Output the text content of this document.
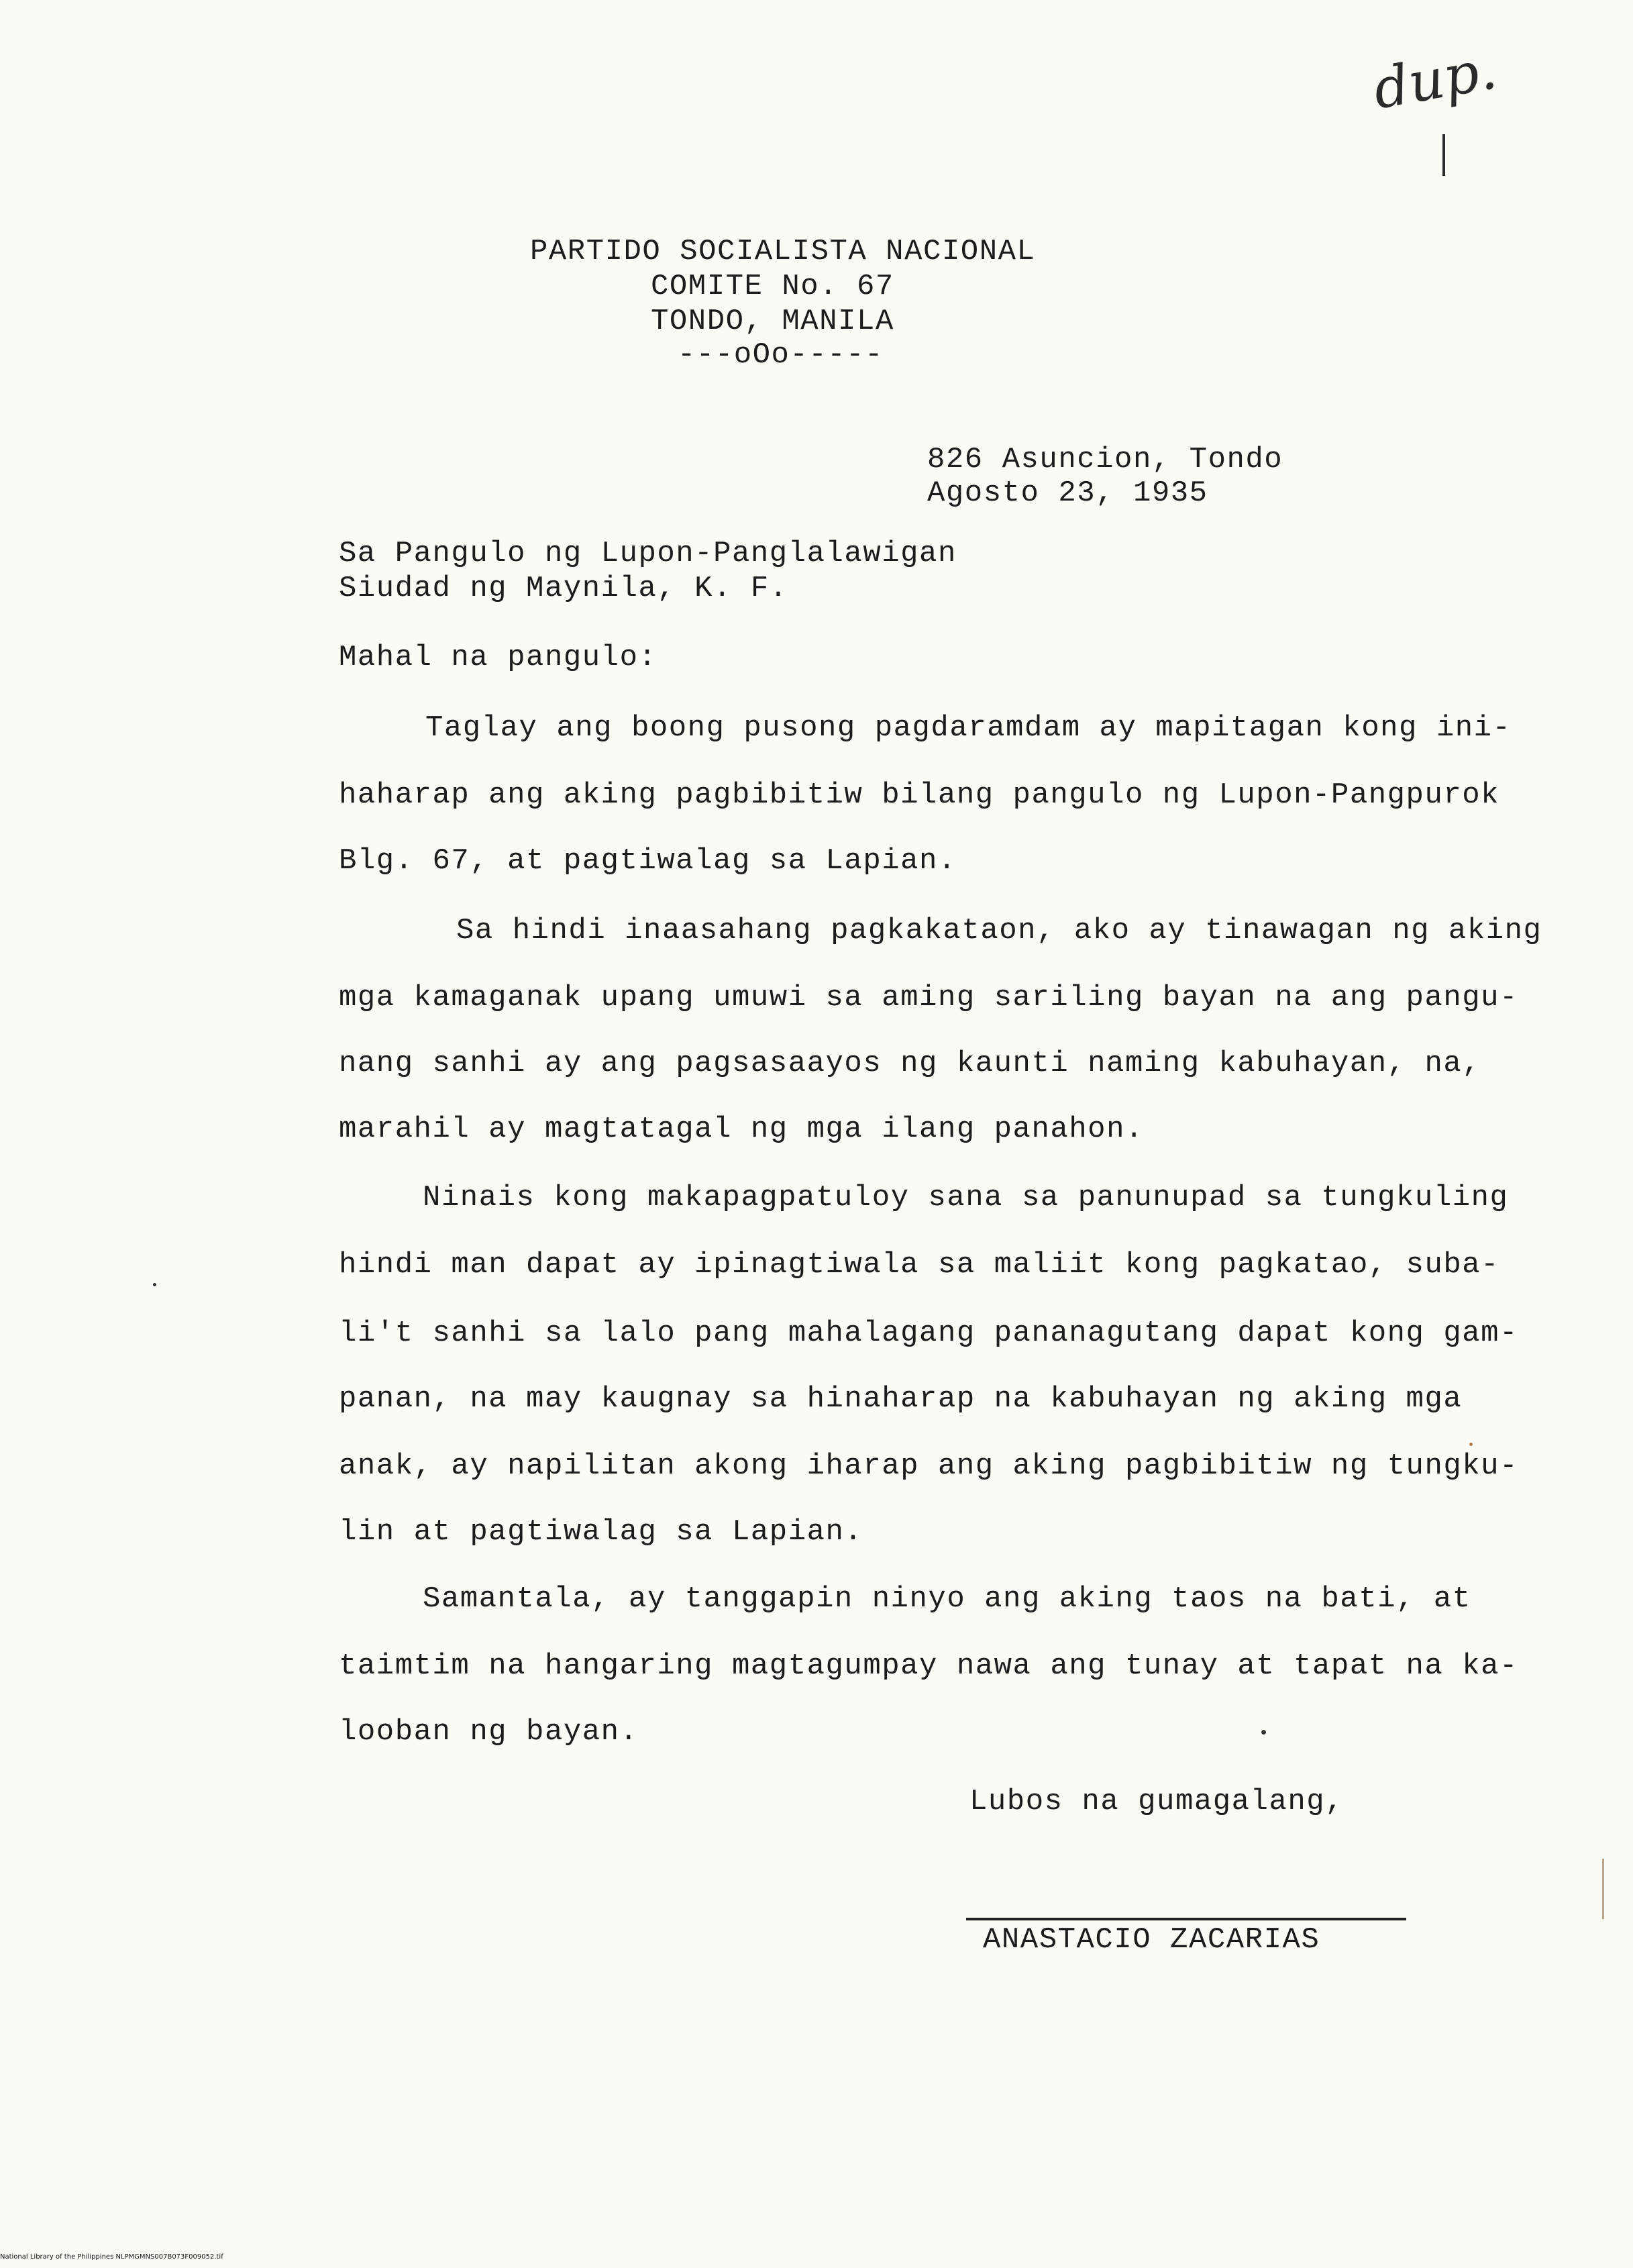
dup.
PARTIDO SOCIALISTA NACIONAL
COMITE No. 67
TONDO, MANILA
---oOo-----
826 Asuncion, Tondo
Agosto 23, 1935
Sa Pangulo ng Lupon-Panglalawigan
Siudad ng Maynila, K. F.
Mahal na pangulo:
Taglay ang boong pusong pagdaramdam ay mapitagan kong ini-
haharap ang aking pagbibitiw bilang pangulo ng Lupon-Pangpurok
Blg. 67, at pagtiwalag sa Lapian.
Sa hindi inaasahang pagkakataon, ako ay tinawagan ng aking
mga kamaganak upang umuwi sa aming sariling bayan na ang pangu-
nang sanhi ay ang pagsasaayos ng kaunti naming kabuhayan, na,
marahil ay magtatagal ng mga ilang panahon.
Ninais kong makapagpatuloy sana sa panunupad sa tungkuling
hindi man dapat ay ipinagtiwala sa maliit kong pagkatao, suba-
li't sanhi sa lalo pang mahalagang pananagutang dapat kong gam-
panan, na may kaugnay sa hinaharap na kabuhayan ng aking mga
anak, ay napilitan akong iharap ang aking pagbibitiw ng tungku-
lin at pagtiwalag sa Lapian.
Samantala, ay tanggapin ninyo ang aking taos na bati, at
taimtim na hangaring magtagumpay nawa ang tunay at tapat na ka-
looban ng bayan.
Lubos na gumagalang,
ANASTACIO ZACARIAS
National Library of the Philippines NLPMGMNS007B073F009052.tif
